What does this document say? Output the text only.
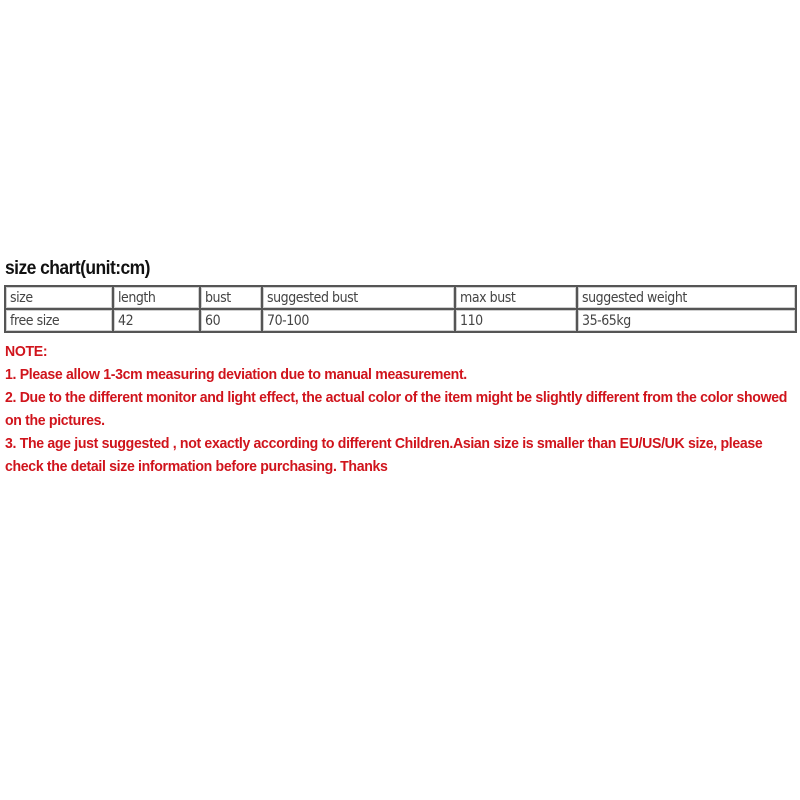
size chart(unit:cm)
size	length	bust	suggested bust	max bust	suggested weight
free size	42	60	70-100	110	35-65kg
NOTE:
1. Please allow 1-3cm measuring deviation due to manual measurement.
2. Due to the different monitor and light effect, the actual color of the item might be slightly different from the color showed
on the pictures.
3. The age just suggested , not exactly according to different Children.Asian size is smaller than EU/US/UK size, please
check the detail size information before purchasing. Thanks
